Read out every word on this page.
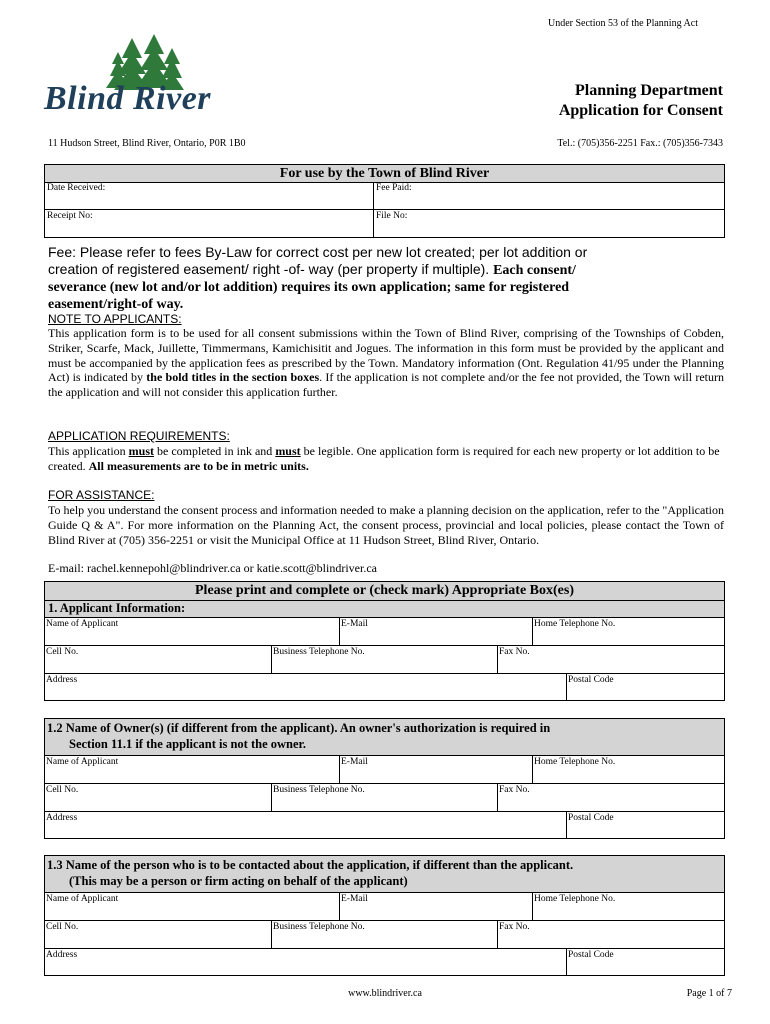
Under Section 53 of the Planning Act
Blind River	Planning Department
Application for Consent
11 Hudson Street, Blind River, Ontario, P0R 1B0	Tel.: (705)356-2251 Fax.: (705)356-7343
For use by the Town of Blind River
Date Received:	Fee Paid:
Receipt No:	File No:
Fee: Please refer to fees By-Law for correct cost per new lot created; per lot addition or
creation of registered easement/ right -of- way (per property if multiple). Each consent/
severance (new lot and/or lot addition) requires its own application; same for registered
easement/right-of way.
NOTE TO APPLICANTS:
This application form is to be used for all consent submissions within the Town of Blind River, comprising of the Townships of Cobden, Striker, Scarfe, Mack, Juillette, Timmermans, Kamichisitit and Jogues. The information in this form must be provided by the applicant and must be accompanied by the application fees as prescribed by the Town. Mandatory information (Ont. Regulation 41/95 under the Planning Act) is indicated by the bold titles in the section boxes. If the application is not complete and/or the fee not provided, the Town will return the application and will not consider this application further.
APPLICATION REQUIREMENTS:
This application must be completed in ink and must be legible. One application form is required for each new property or lot addition to be created. All measurements are to be in metric units.
FOR ASSISTANCE:
To help you understand the consent process and information needed to make a planning decision on the application, refer to the "Application Guide Q & A". For more information on the Planning Act, the consent process, provincial and local policies, please contact the Town of Blind River at (705) 356-2251 or visit the Municipal Office at 11 Hudson Street, Blind River, Ontario.
E-mail: rachel.kennepohl@blindriver.ca or katie.scott@blindriver.ca
Please print and complete or (check mark) Appropriate Box(es)
1. Applicant Information:
Name of Applicant	E-Mail	Home Telephone No.
Cell No.	Business Telephone No.	Fax No.
Address	Postal Code
1.2 Name of Owner(s) (if different from the applicant). An owner's authorization is required in
Section 11.1 if the applicant is not the owner.
Name of Applicant	E-Mail	Home Telephone No.
Cell No.	Business Telephone No.	Fax No.
Address	Postal Code
1.3 Name of the person who is to be contacted about the application, if different than the applicant.
(This may be a person or firm acting on behalf of the applicant)
Name of Applicant	E-Mail	Home Telephone No.
Cell No.	Business Telephone No.	Fax No.
Address	Postal Code
www.blindriver.ca	Page 1 of 7
